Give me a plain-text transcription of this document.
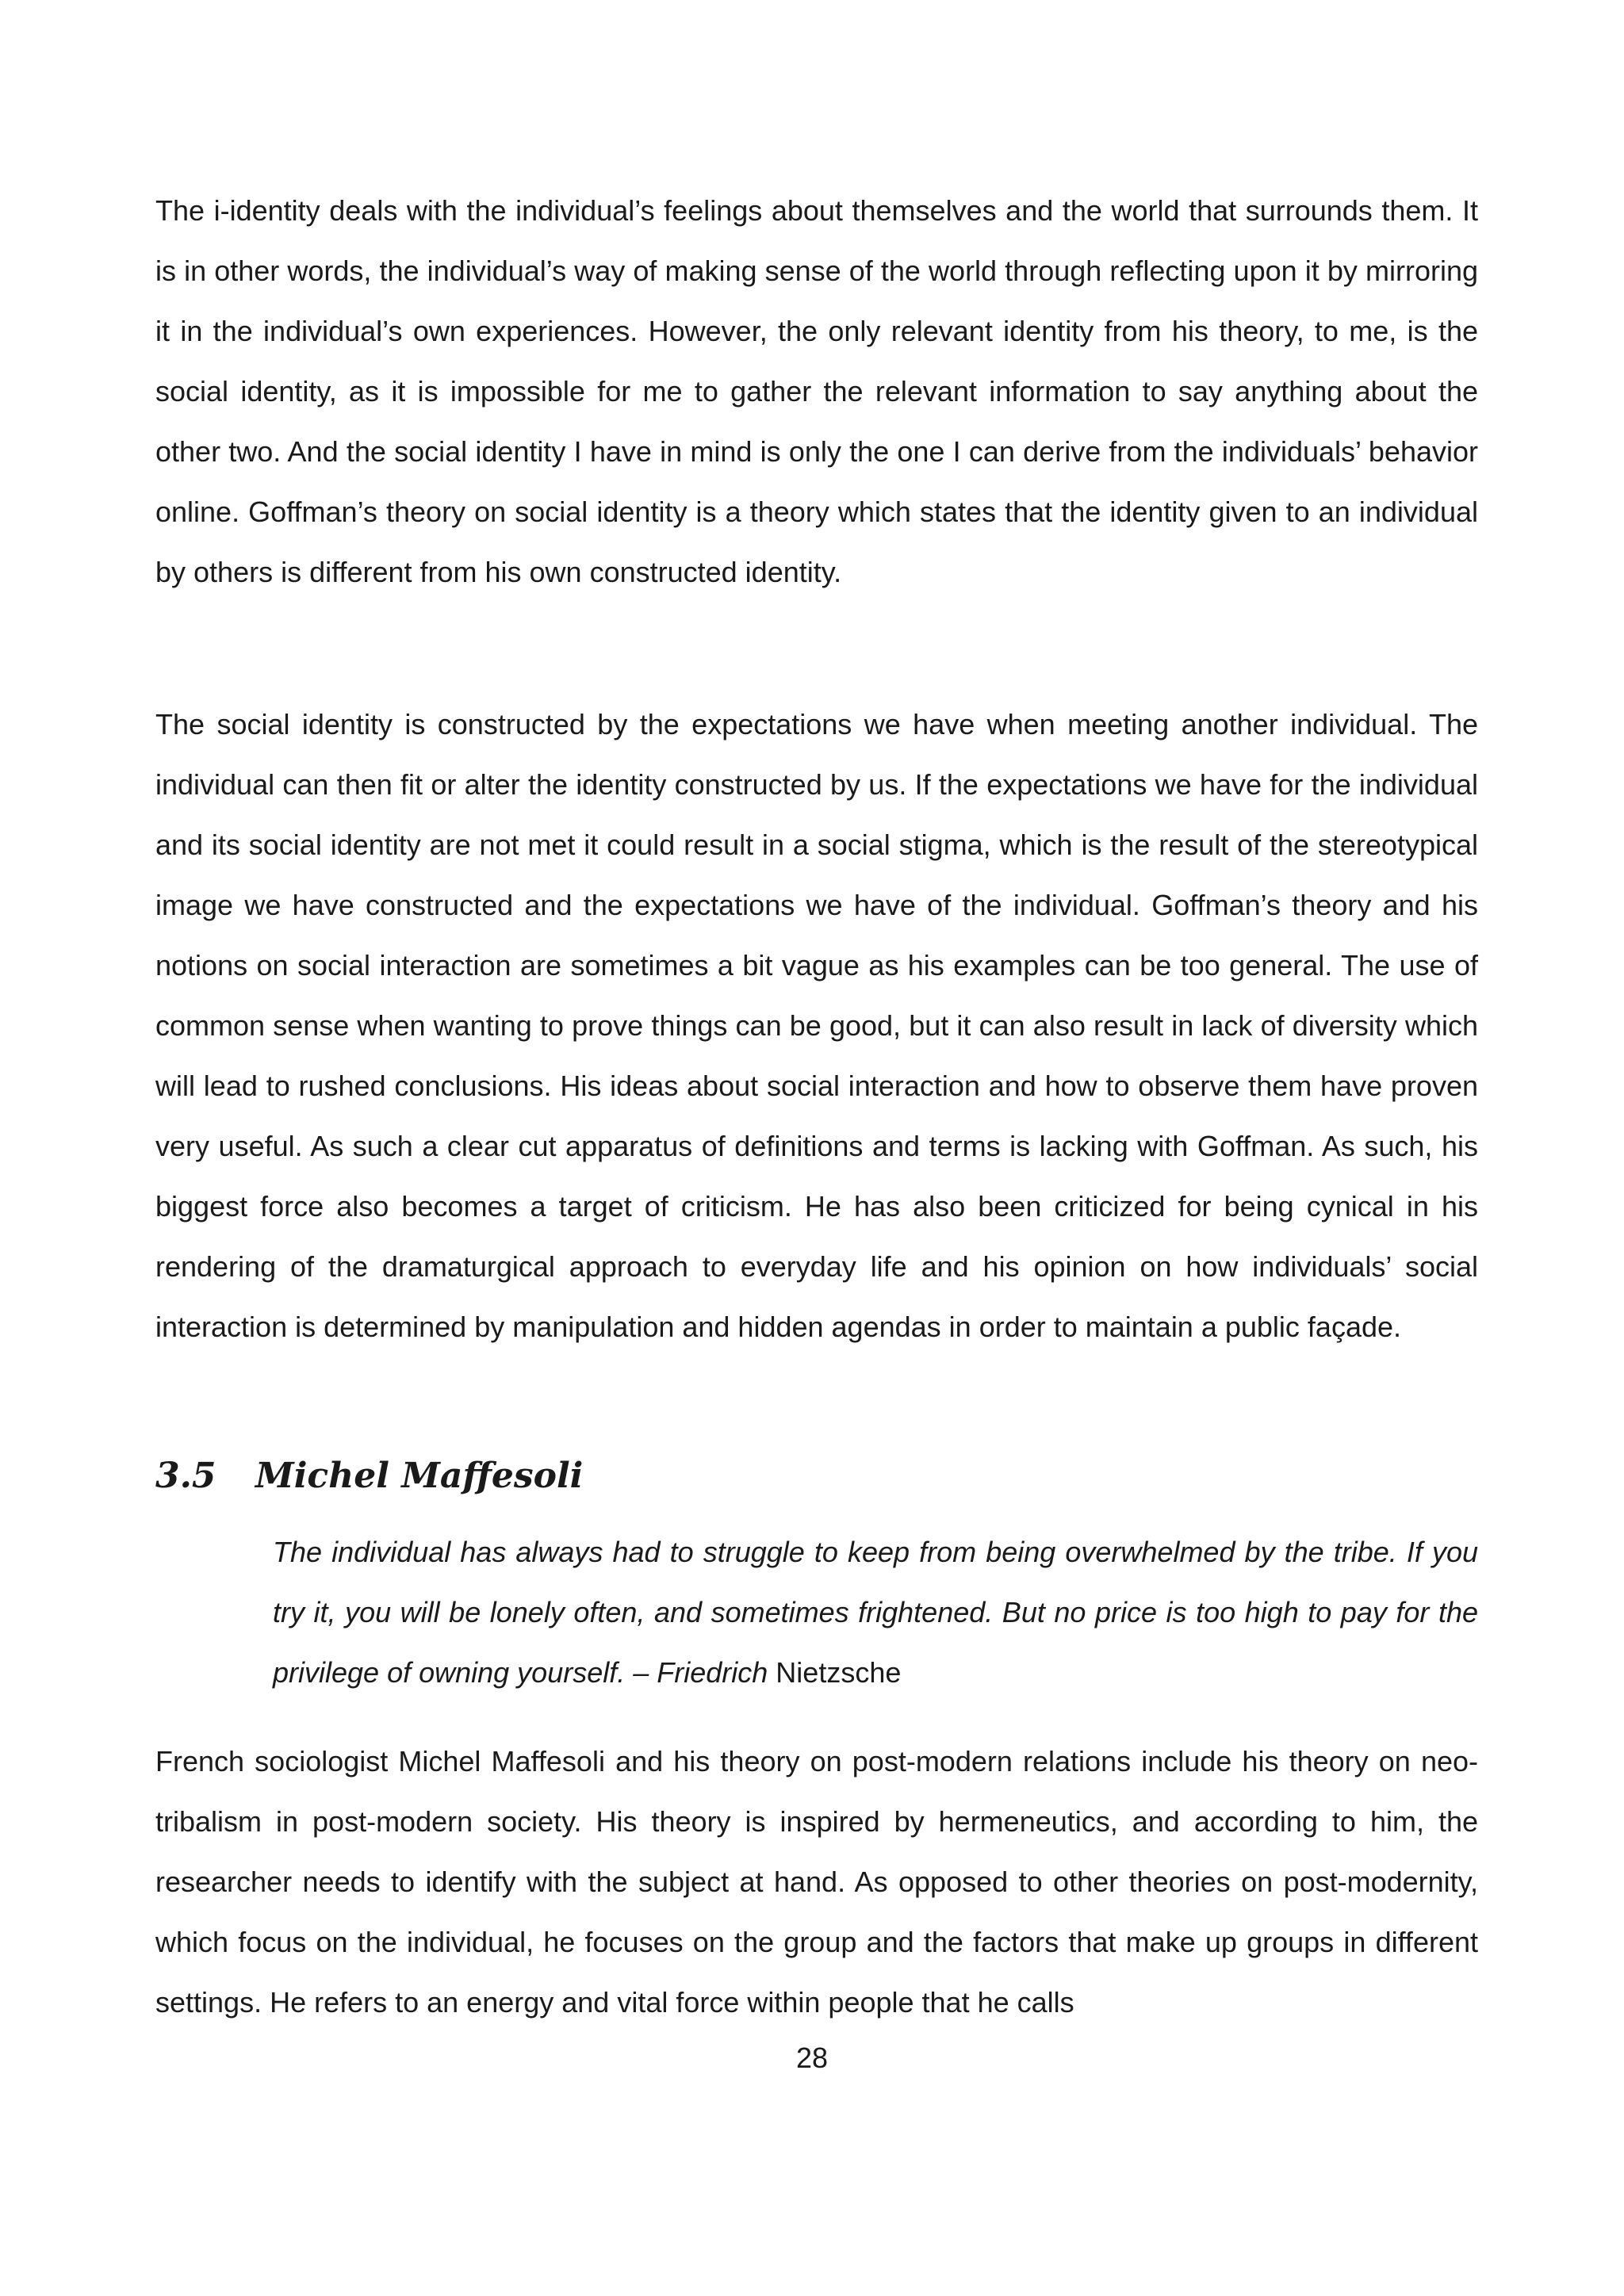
The i-identity deals with the individual’s feelings about themselves and the world that surrounds them. It is in other words, the individual’s way of making sense of the world through reflecting upon it by mirroring it in the individual’s own experiences. However, the only relevant identity from his theory, to me, is the social identity, as it is impossible for me to gather the relevant information to say anything about the other two. And the social identity I have in mind is only the one I can derive from the individuals’ behavior online. Goffman’s theory on social identity is a theory which states that the identity given to an individual by others is different from his own constructed identity.

The social identity is constructed by the expectations we have when meeting another individual. The individual can then fit or alter the identity constructed by us. If the expectations we have for the individual and its social identity are not met it could result in a social stigma, which is the result of the stereotypical image we have constructed and the expectations we have of the individual. Goffman’s theory and his notions on social interaction are sometimes a bit vague as his examples can be too general. The use of common sense when wanting to prove things can be good, but it can also result in lack of diversity which will lead to rushed conclusions. His ideas about social interaction and how to observe them have proven very useful. As such a clear cut apparatus of definitions and terms is lacking with Goffman. As such, his biggest force also becomes a target of criticism. He has also been criticized for being cynical in his rendering of the dramaturgical approach to everyday life and his opinion on how individuals’ social interaction is determined by manipulation and hidden agendas in order to maintain a public façade.

3.5 Michel Maffesoli

The individual has always had to struggle to keep from being overwhelmed by the tribe. If you try it, you will be lonely often, and sometimes frightened. But no price is too high to pay for the privilege of owning yourself. – Friedrich Nietzsche

French sociologist Michel Maffesoli and his theory on post-modern relations include his theory on neo-tribalism in post-modern society. His theory is inspired by hermeneutics, and according to him, the researcher needs to identify with the subject at hand. As opposed to other theories on post-modernity, which focus on the individual, he focuses on the group and the factors that make up groups in different settings. He refers to an energy and vital force within people that he calls

28
